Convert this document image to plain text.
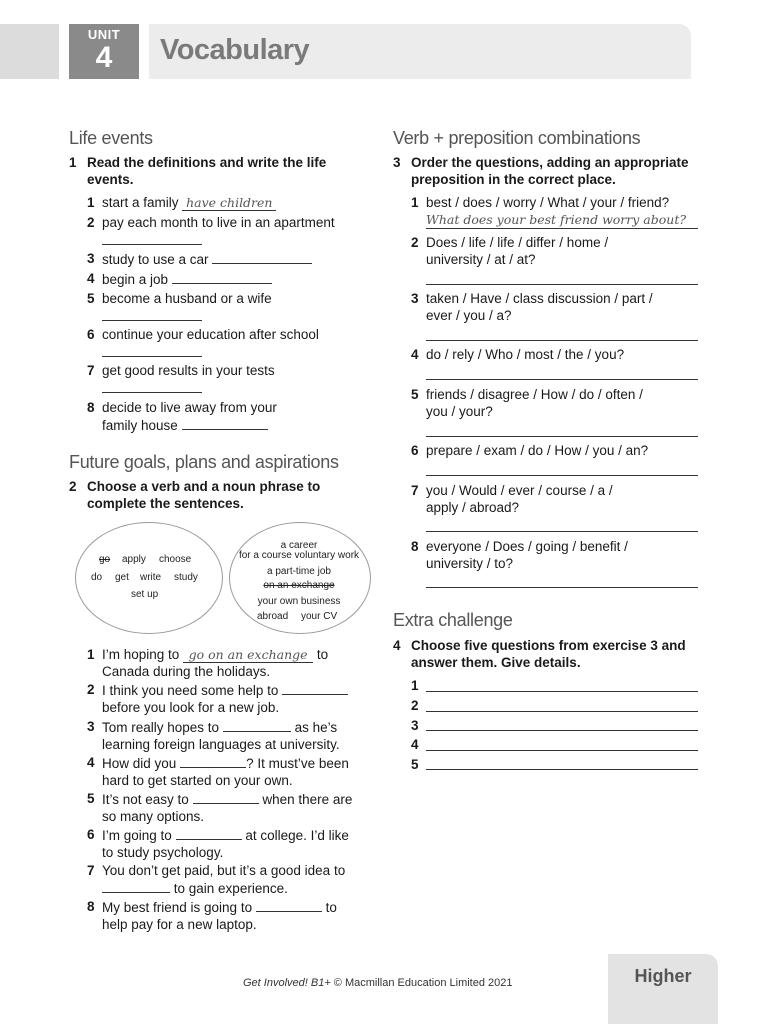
UNIT
4	Vocabulary
Life events
1 Read the definitions and write the life events.
1 start a family have children
2 pay each month to live in an apartment

3 study to use a car
4 begin a job
5 become a husband or a wife

6 continue your education after school

7 get good results in your tests

8 decide to live away from your family house
Future goals, plans and aspirations
2 Choose a verb and a noun phrase to complete the sentences.
go apply choose
do get write study
set up
a career
for a course voluntary work
a part-time job
on an exchange
your own business
abroad your CV
1 I’m hoping to go on an exchange to
Canada during the holidays.
2 I think you need some help to
before you look for a new job.
3 Tom really hopes to	as he’s
learning foreign languages at university.
4 How did you	? It must’ve been
hard to get started on your own.
5 It’s not easy to	when there are
so many options.
6 I’m going to	at college. I’d like
to study psychology.
7 You don’t get paid, but it’s a good idea to
to gain experience.
8 My best friend is going to	to
help pay for a new laptop.
Verb + preposition combinations
3 Order the questions, adding an appropriate preposition in the correct place.
1 best / does / worry / What / your / friend?
What does your best friend worry about?
2 Does / life / life / differ / home /
university / at / at?
3 taken / Have / class discussion / part /
ever / you / a?
4 do / rely / Who / most / the / you?
5 friends / disagree / How / do / often /
you / your?
6 prepare / exam / do / How / you / an?
7 you / Would / ever / course / a /
apply / abroad?
8 everyone / Does / going / benefit /
university / to?
Extra challenge
4 Choose five questions from exercise 3 and answer them. Give details.
1
2
3
4
5
Get Involved! B1+ © Macmillan Education Limited 2021	Higher
